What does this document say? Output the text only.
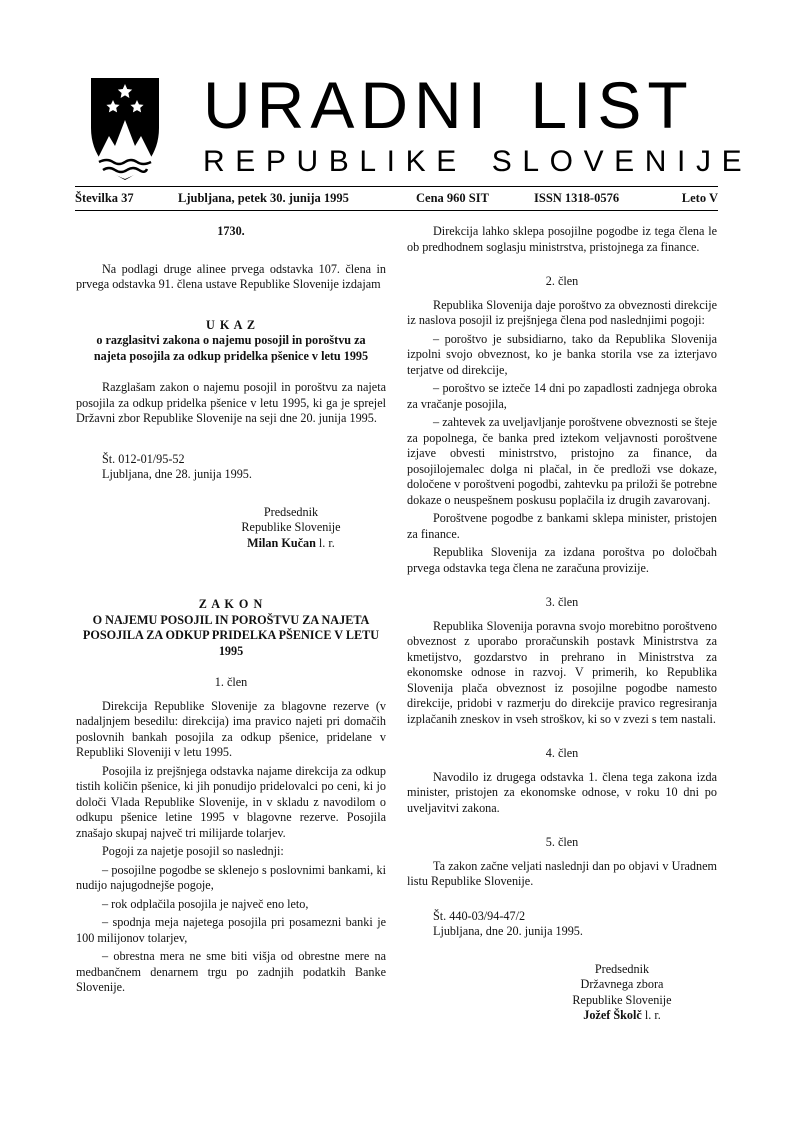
URADNI LIST
REPUBLIKE SLOVENIJE
Številka 37	Ljubljana, petek 30. junija 1995	Cena 960 SIT	ISSN 1318-0576	Leto V

1730.

Na podlagi druge alinee prvega odstavka 107. člena in prvega odstavka 91. člena ustave Republike Slovenije izdajam

U K A Z

o razglasitvi zakona o najemu posojil in poroštvu za najeta posojila za odkup pridelka pšenice v letu 1995

Razglašam zakon o najemu posojil in poroštvu za najeta posojila za odkup pridelka pšenice v letu 1995, ki ga je sprejel Državni zbor Republike Slovenije na seji dne 20. junija 1995.

Št. 012-01/95-52

Ljubljana, dne 28. junija 1995.

Predsednik

Republike Slovenije

Milan Kučan l. r.

Z A K O N

O NAJEMU POSOJIL IN POROŠTVU ZA NAJETA POSOJILA ZA ODKUP PRIDELKA PŠENICE V LETU 1995

1. člen

Direkcija Republike Slovenije za blagovne rezerve (v nadaljnjem besedilu: direkcija) ima pravico najeti pri domačih poslovnih bankah posojila za odkup pšenice, pridelane v Republiki Sloveniji v letu 1995.

Posojila iz prejšnjega odstavka najame direkcija za odkup tistih količin pšenice, ki jih ponudijo pridelovalci po ceni, ki jo določi Vlada Republike Slovenije, in v skladu z navodilom o odkupu pšenice letine 1995 v blagovne rezerve. Posojila znašajo skupaj največ tri milijarde tolarjev.

Pogoji za najetje posojil so naslednji:

– posojilne pogodbe se sklenejo s poslovnimi bankami, ki nudijo najugodnejše pogoje,

– rok odplačila posojila je največ eno leto,

– spodnja meja najetega posojila pri posamezni banki je 100 milijonov tolarjev,

– obrestna mera ne sme biti višja od obrestne mere na medbančnem denarnem trgu po zadnjih podatkih Banke Slovenije.

Direkcija lahko sklepa posojilne pogodbe iz tega člena le ob predhodnem soglasju ministrstva, pristojnega za finance.

2. člen

Republika Slovenija daje poroštvo za obveznosti direkcije iz naslova posojil iz prejšnjega člena pod naslednjimi pogoji:

– poroštvo je subsidiarno, tako da Republika Slovenija izpolni svojo obveznost, ko je banka storila vse za izterjavo terjatve od direkcije,

– poroštvo se izteče 14 dni po zapadlosti zadnjega obroka za vračanje posojila,

– zahtevek za uveljavljanje poroštvene obveznosti se šteje za popolnega, če banka pred iztekom veljavnosti poroštvene izjave obvesti ministrstvo, pristojno za finance, da posojilojemalec dolga ni plačal, in če predloži vse dokaze, določene v poroštveni pogodbi, zahtevku pa priloži še potrebne dokaze o neuspešnem poskusu poplačila iz drugih zavarovanj.

Poroštvene pogodbe z bankami sklepa minister, pristojen za finance.

Republika Slovenija za izdana poroštva po določbah prvega odstavka tega člena ne zaračuna provizije.

3. člen

Republika Slovenija poravna svojo morebitno poroštveno obveznost z uporabo proračunskih postavk Ministrstva za kmetijstvo, gozdarstvo in prehrano in Ministrstva za ekonomske odnose in razvoj. V primerih, ko Republika Slovenija plača obveznost iz posojilne pogodbe namesto direkcije, pridobi v razmerju do direkcije pravico regresiranja izplačanih zneskov in vseh stroškov, ki so v zvezi s tem nastali.

4. člen

Navodilo iz drugega odstavka 1. člena tega zakona izda minister, pristojen za ekonomske odnose, v roku 10 dni po uveljavitvi zakona.

5. člen

Ta zakon začne veljati naslednji dan po objavi v Uradnem listu Republike Slovenije.

Št. 440-03/94-47/2

Ljubljana, dne 20. junija 1995.

Predsednik

Državnega zbora

Republike Slovenije

Jožef Školč l. r.
